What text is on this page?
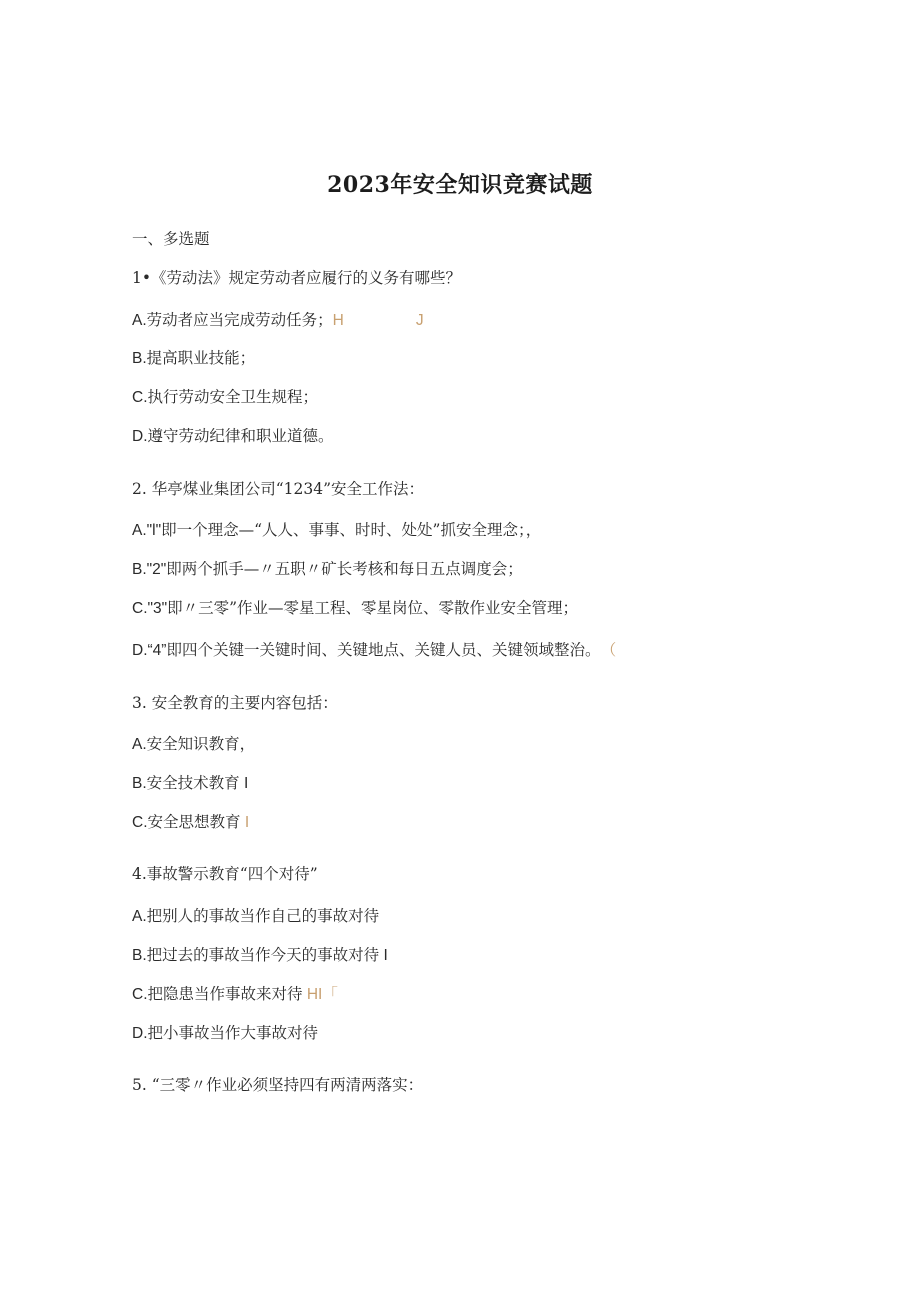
2023年安全知识竞赛试题

一、多选题

1•《劳动法》规定劳动者应履行的义务有哪些？

A.劳动者应当完成劳动任务；H	J

B.提高职业技能；

C.执行劳动安全卫生规程；

D.遵守劳动纪律和职业道德。

2. 华亭煤业集团公司“1234”安全工作法：

A."l"即一个理念—“人人、事事、时时、处处”抓安全理念；，

B."2"即两个抓手—〃五职〃矿长考核和每日五点调度会；

C."3"即〃三零”作业—零星工程、零星岗位、零散作业安全管理；

D.“4”即四个关键一关键时间、关键地点、关键人员、关键领域整治。 （

3. 安全教育的主要内容包括：

A.安全知识教育，

B.安全技术教育 I

C.安全思想教育 I

4.事故警示教育“四个对待”

A.把别人的事故当作自己的事故对待

B.把过去的事故当作今天的事故对待 I

C.把隐患当作事故来对待 HI「

D.把小事故当作大事故对待

5. “三零〃作业必须坚持四有两清两落实：
